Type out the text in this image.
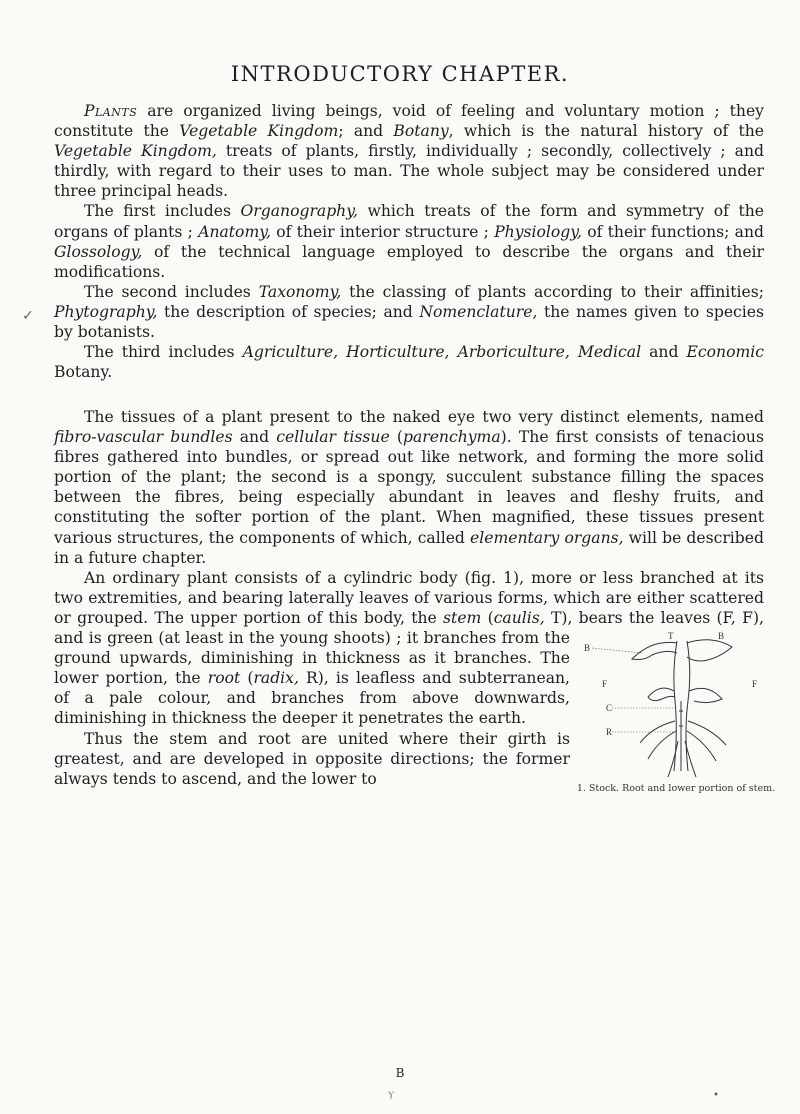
✓
INTRODUCTORY CHAPTER.

Plants are organized living beings, void of feeling and voluntary motion ; they constitute the Vegetable Kingdom; and Botany, which is the natural history of the Vegetable Kingdom, treats of plants, firstly, individually ; secondly, collectively ; and thirdly, with regard to their uses to man. The whole subject may be considered under three principal heads.

The first includes Organography, which treats of the form and symmetry of the organs of plants ; Anatomy, of their interior structure ; Physiology, of their functions; and Glossology, of the technical language employed to describe the organs and their modifications.

The second includes Taxonomy, the classing of plants according to their affinities; Phytography, the description of species; and Nomenclature, the names given to species by botanists.

The third includes Agriculture, Horticulture, Arboriculture, Medical and Economic Botany.

B
T	B
F	F
C
R
1. Stock. Root and lower portion of stem.

The tissues of a plant present to the naked eye two very distinct elements, named fibro-vascular bundles and cellular tissue (parenchyma). The first consists of tenacious fibres gathered into bundles, or spread out like network, and forming the more solid portion of the plant; the second is a spongy, succulent substance filling the spaces between the fibres, being especially abundant in leaves and fleshy fruits, and constituting the softer portion of the plant. When magnified, these tissues present various structures, the components of which, called elementary organs, will be described in a future chapter.

An ordinary plant consists of a cylindric body (fig. 1), more or less branched at its two extremities, and bearing laterally leaves of various forms, which are either scattered or grouped. The upper portion of this body, the stem (caulis, T), bears the leaves (F, F), and is green (at least in the young shoots) ; it branches from the ground upwards, diminishing in thickness as it branches. The lower portion, the root (radix, R), is leafless and subterranean, of a pale colour, and branches from above downwards, diminishing in thickness the deeper it penetrates the earth.

Thus the stem and root are united where their girth is greatest, and are developed in opposite directions; the former always tends to ascend, and the lower to

B
ⲩ	•
